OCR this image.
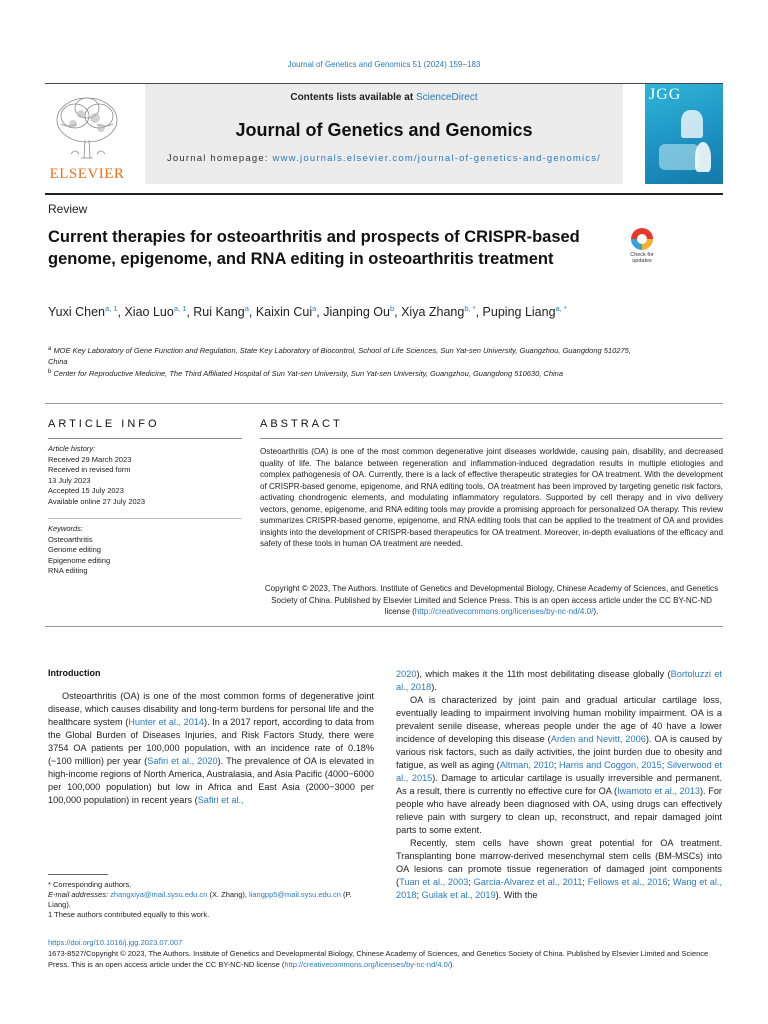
Journal of Genetics and Genomics 51 (2024) 159−183
ELSEVIER
Contents lists available at ScienceDirect
Journal of Genetics and Genomics
Journal homepage: www.journals.elsevier.com/journal-of-genetics-and-genomics/
JGG
Review
Current therapies for osteoarthritis and prospects of CRISPR-based genome, epigenome, and RNA editing in osteoarthritis treatment	Check for updates
Yuxi Chen$^{a, 1}$, Xiao Luo$^{a, 1}$, Rui Kang$^a$, Kaixin Cui$^a$, Jianping Ou$^b$, Xiya Zhang$^{b, *}$, Puping Liang$^{a, *}$
$^a$ MOE Key Laboratory of Gene Function and Regulation, State Key Laboratory of Biocontrol, School of Life Sciences, Sun Yat-sen University, Guangzhou, Guangdong 510275, China
$^b$ Center for Reproductive Medicine, The Third Affiliated Hospital of Sun Yat-sen University, Sun Yat-sen University, Guangzhou, Guangdong 510630, China
ARTICLE INFO	ABSTRACT
Article history:
Received 29 March 2023
Received in revised form
13 July 2023
Accepted 15 July 2023
Available online 27 July 2023
Keywords:
Osteoarthritis
Genome editing
Epigenome editing
RNA editing
Osteoarthritis (OA) is one of the most common degenerative joint diseases worldwide, causing pain, disability, and decreased quality of life. The balance between regeneration and inflammation-induced degradation results in multiple etiologies and complex pathogenesis of OA. Currently, there is a lack of effective therapeutic strategies for OA treatment. With the development of CRISPR-based genome, epigenome, and RNA editing tools, OA treatment has been improved by targeting genetic risk factors, activating chondrogenic elements, and modulating inflammatory regulators. Supported by cell therapy and in vivo delivery vectors, genome, epigenome, and RNA editing tools may provide a promising approach for personalized OA therapy. This review summarizes CRISPR-based genome, epigenome, and RNA editing tools that can be applied to the treatment of OA and provides insights into the development of CRISPR-based therapeutics for OA treatment. Moreover, in-depth evaluations of the efficacy and safety of these tools in human OA treatment are needed.
Copyright © 2023, The Authors. Institute of Genetics and Developmental Biology, Chinese Academy of Sciences, and Genetics Society of China. Published by Elsevier Limited and Science Press. This is an open access article under the CC BY-NC-ND license (http://creativecommons.org/licenses/by-nc-nd/4.0/).
Introduction

Osteoarthritis (OA) is one of the most common forms of degenerative joint disease, which causes disability and long-term burdens for personal life and the healthcare system (Hunter et al., 2014). In a 2017 report, according to data from the Global Burden of Diseases Injuries, and Risk Factors Study, there were 3754 OA patients per 100,000 population, with an incidence rate of 0.18% (~100 million) per year (Safiri et al., 2020). The prevalence of OA is elevated in high-income regions of North America, Australasia, and Asia Pacific (4000−6000 per 100,000 population) but low in Africa and East Asia (2000−3000 per 100,000 population) in recent years (Safiri et al.,

2020), which makes it the 11th most debilitating disease globally (Bortoluzzi et al., 2018).

OA is characterized by joint pain and gradual articular cartilage loss, eventually leading to impairment involving human mobility impairment. OA is a prevalent senile disease, whereas people under the age of 40 have a lower incidence of developing this disease (Arden and Nevitt, 2006). OA is caused by various risk factors, such as daily activities, the joint burden due to obesity and fatigue, as well as aging (Altman, 2010; Harris and Coggon, 2015; Silverwood et al., 2015). Damage to articular cartilage is usually irreversible and permanent. As a result, there is currently no effective cure for OA (Iwamoto et al., 2013). For people who have already been diagnosed with OA, using drugs can effectively relieve pain with surgery to clean up, reconstruct, and repair damaged joint parts to some extent.

Recently, stem cells have shown great potential for OA treatment. Transplanting bone marrow-derived mesenchymal stem cells (BM-MSCs) into OA lesions can promote tissue regeneration of damaged joint components (Tuan et al., 2003; Garcia-Alvarez et al., 2011; Fellows et al., 2016; Wang et al., 2018; Guilak et al., 2019). With the

* Corresponding authors.
E-mail addresses: zhangxiya@mail.sysu.edu.cn (X. Zhang), liangpp5@mail.sysu.edu.cn (P. Liang).
1 These authors contributed equally to this work.
https://doi.org/10.1016/j.jgg.2023.07.007
1673-8527/Copyright © 2023, The Authors. Institute of Genetics and Developmental Biology, Chinese Academy of Sciences, and Genetics Society of China. Published by Elsevier Limited and Science Press. This is an open access article under the CC BY-NC-ND license (http://creativecommons.org/licenses/by-nc-nd/4.0/).
